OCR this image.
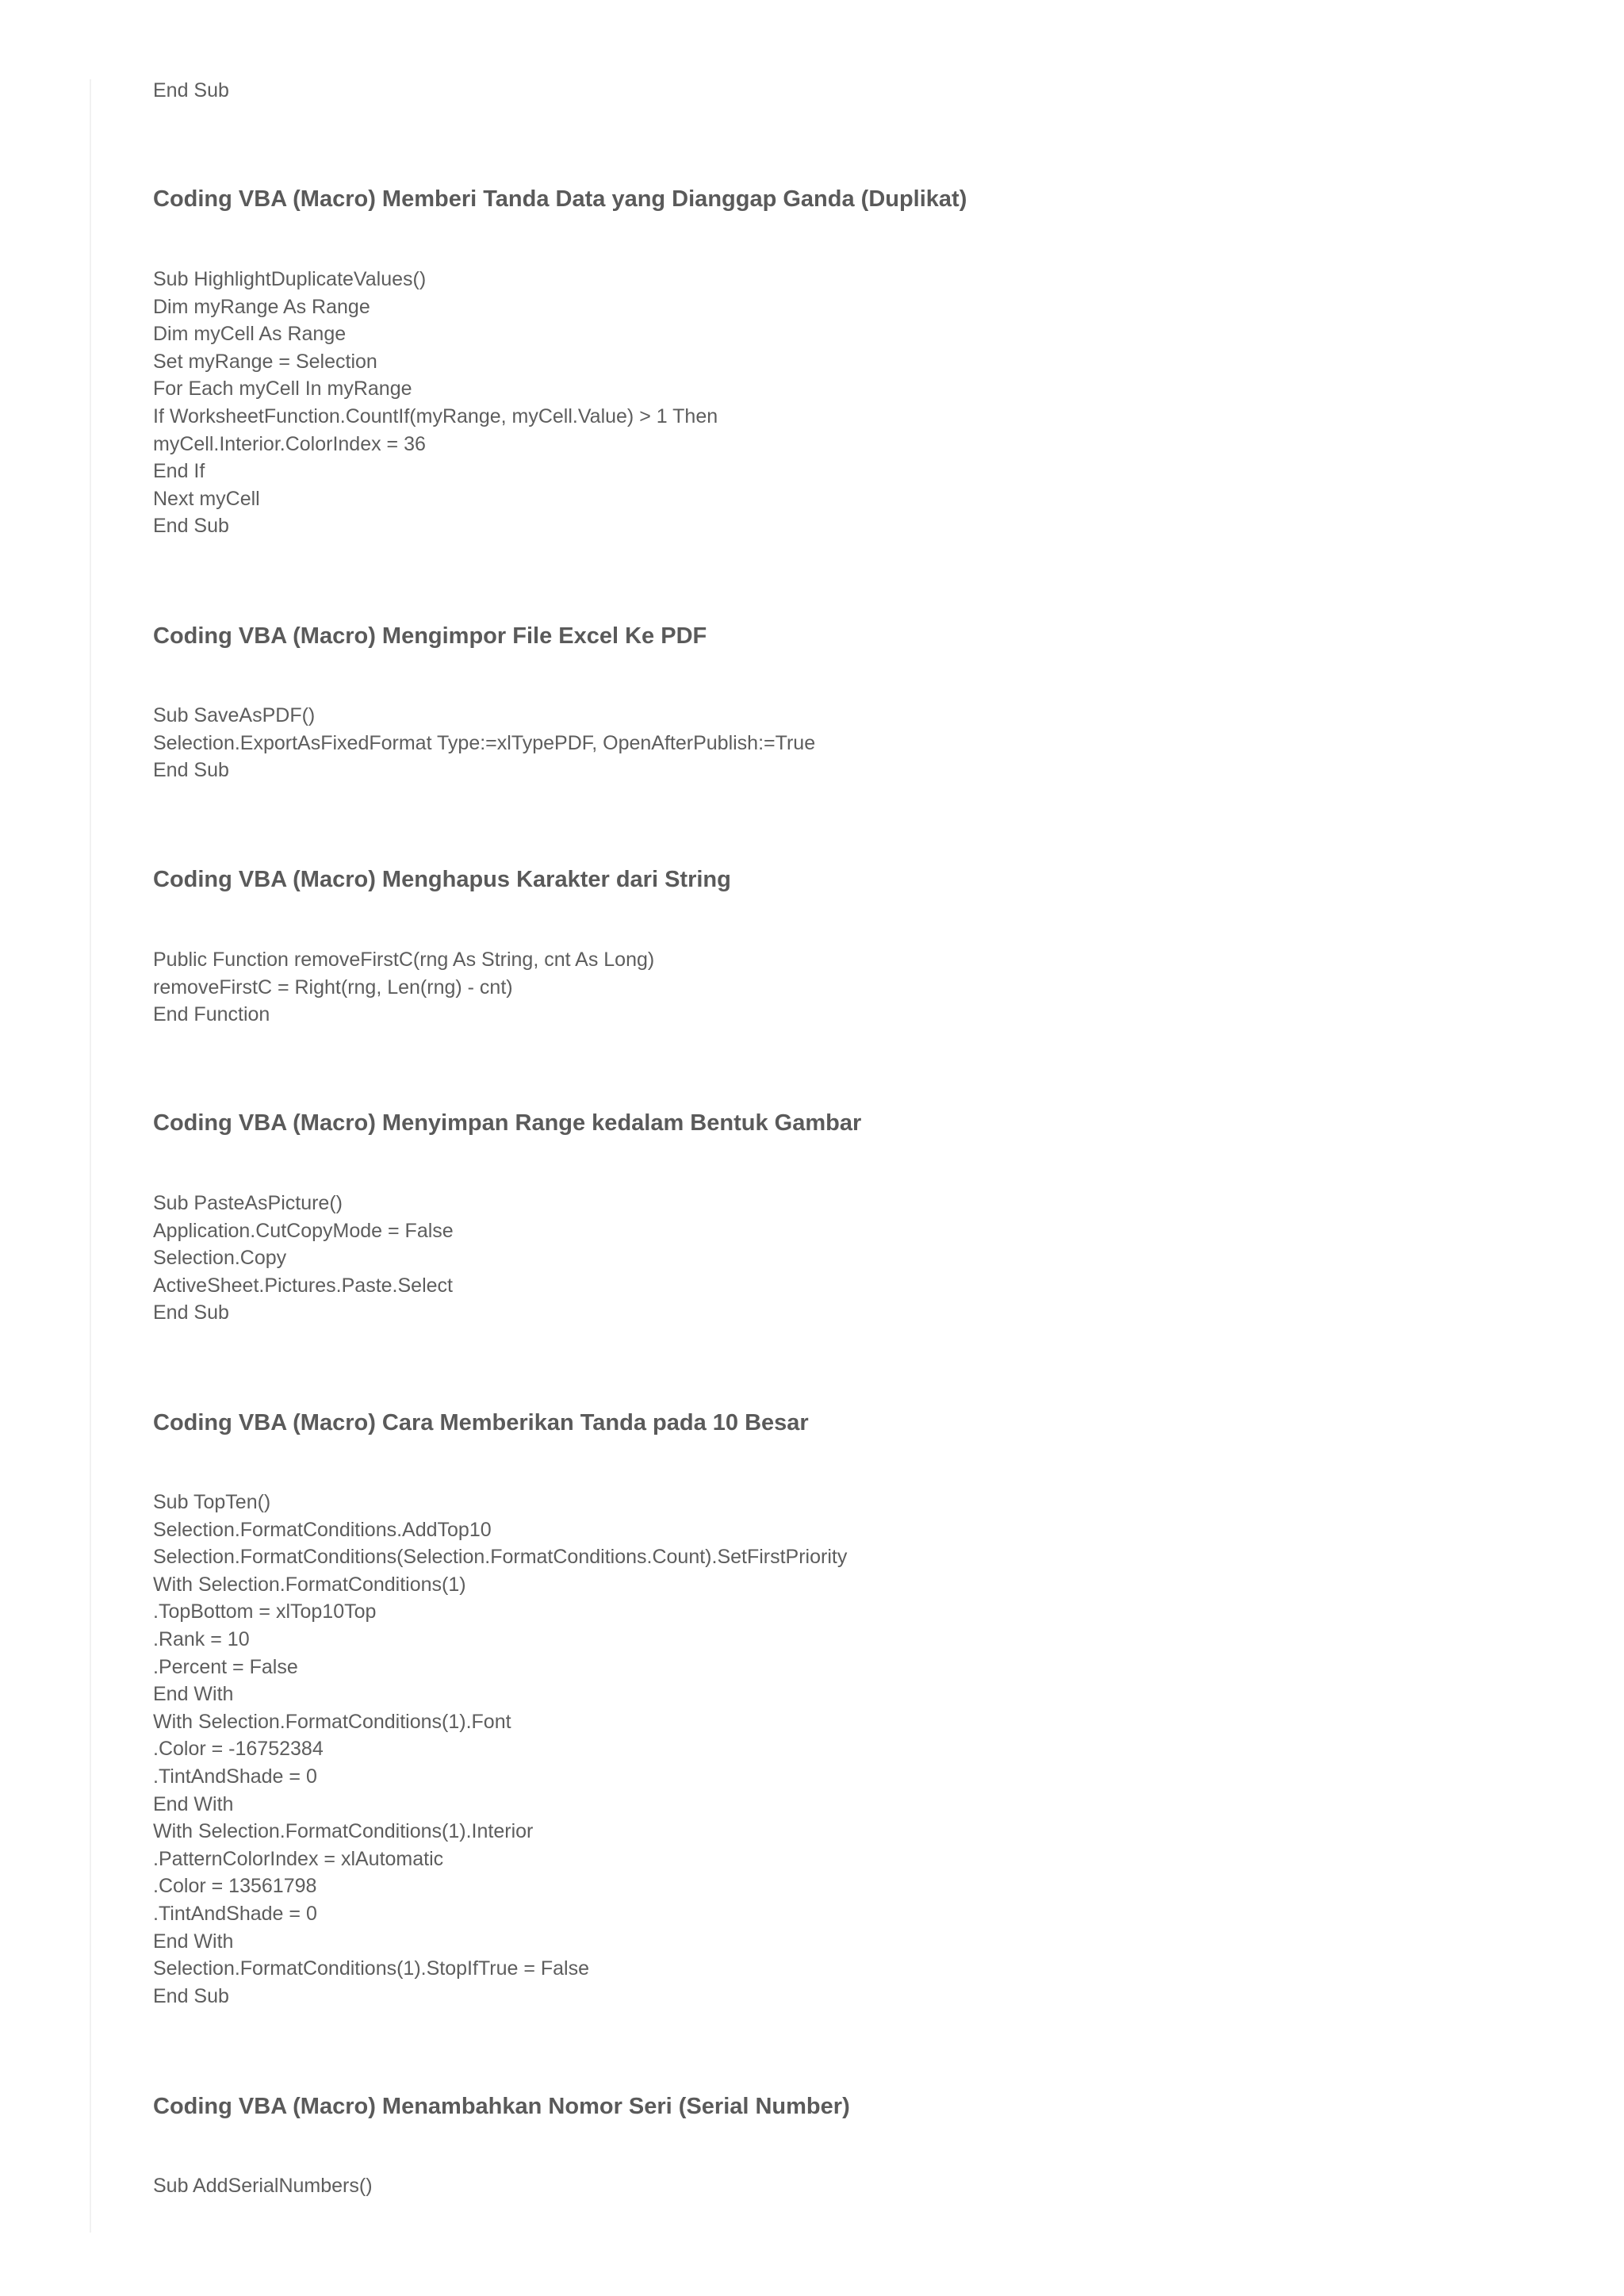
End Sub
Coding VBA (Macro) Memberi Tanda Data yang Dianggap Ganda (Duplikat)
Sub HighlightDuplicateValues()
Dim myRange As Range
Dim myCell As Range
Set myRange = Selection
For Each myCell In myRange
If WorksheetFunction.CountIf(myRange, myCell.Value) > 1 Then
myCell.Interior.ColorIndex = 36
End If
Next myCell
End Sub
Coding VBA (Macro) Mengimpor File Excel Ke PDF
Sub SaveAsPDF()
Selection.ExportAsFixedFormat Type:=xlTypePDF, OpenAfterPublish:=True
End Sub
Coding VBA (Macro) Menghapus Karakter dari String
Public Function removeFirstC(rng As String, cnt As Long)
removeFirstC = Right(rng, Len(rng) - cnt)
End Function
Coding VBA (Macro) Menyimpan Range kedalam Bentuk Gambar
Sub PasteAsPicture()
Application.CutCopyMode = False
Selection.Copy
ActiveSheet.Pictures.Paste.Select
End Sub
Coding VBA (Macro) Cara Memberikan Tanda pada 10 Besar
Sub TopTen()
Selection.FormatConditions.AddTop10
Selection.FormatConditions(Selection.FormatConditions.Count).SetFirstPriority
With Selection.FormatConditions(1)
.TopBottom = xlTop10Top
.Rank = 10
.Percent = False
End With
With Selection.FormatConditions(1).Font
.Color = -16752384
.TintAndShade = 0
End With
With Selection.FormatConditions(1).Interior
.PatternColorIndex = xlAutomatic
.Color = 13561798
.TintAndShade = 0
End With
Selection.FormatConditions(1).StopIfTrue = False
End Sub
Coding VBA (Macro) Menambahkan Nomor Seri (Serial Number)
Sub AddSerialNumbers()
